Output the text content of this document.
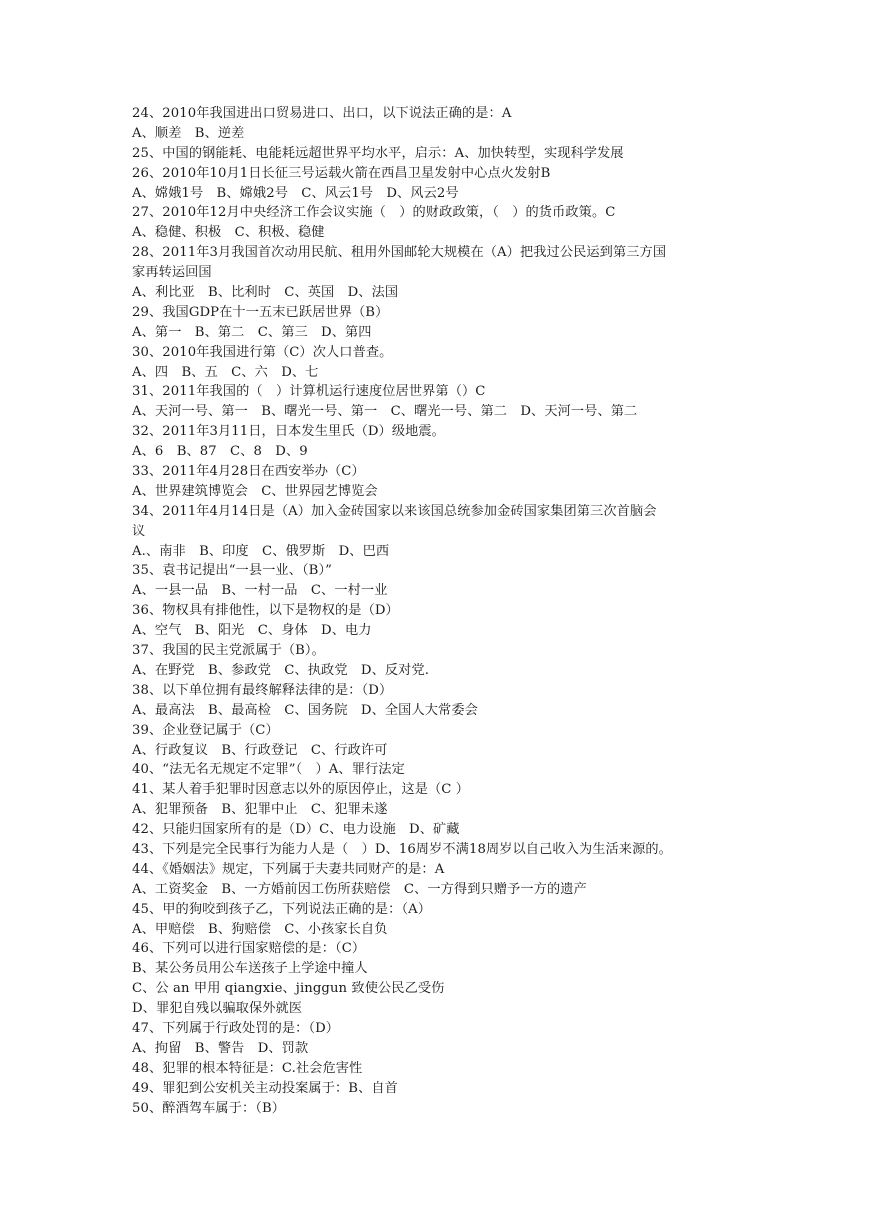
24、2010年我国进出口贸易进口、出口，以下说法正确的是：A
A、顺差　B、逆差
25、中国的钢能耗、电能耗远超世界平均水平，启示：A、加快转型，实现科学发展
26、2010年10月1日长征三号运载火箭在西昌卫星发射中心点火发射B
A、嫦娥1号　B、嫦娥2号　C、风云1号　D、风云2号
27、2010年12月中央经济工作会议实施（　）的财政政策，（　）的货币政策。C
A、稳健、积极　C、积极、稳健
28、2011年3月我国首次动用民航、租用外国邮轮大规模在（A）把我过公民运到第三方国
家再转运回国
A、利比亚　B、比利时　C、英国　D、法国
29、我国GDP在十一五末已跃居世界（B）
A、第一　B、第二　C、第三　D、第四
30、2010年我国进行第（C）次人口普查。
A、四　B、五　C、六　D、七
31、2011年我国的（　）计算机运行速度位居世界第（）C
A、天河一号、第一　B、曙光一号、第一　C、曙光一号、第二　D、天河一号、第二
32、2011年3月11日，日本发生里氏（D）级地震。
A、6　B、87　C、8　D、9
33、2011年4月28日在西安举办（C）
A、世界建筑博览会　C、世界园艺博览会
34、2011年4月14日是（A）加入金砖国家以来该国总统参加金砖国家集团第三次首脑会
议
A.、南非　B、印度　C、俄罗斯　D、巴西
35、袁书记提出“一县一业、（B）”
A、一县一品　B、一村一品　C、一村一业
36、物权具有排他性，以下是物权的是（D）
A、空气　B、阳光　C、身体　D、电力
37、我国的民主党派属于（B）。
A、在野党　B、参政党　C、执政党　D、反对党.
38、以下单位拥有最终解释法律的是：（D）
A、最高法　B、最高检　C、国务院　D、全国人大常委会
39、企业登记属于（C）
A、行政复议　B、行政登记　C、行政许可
40、“法无名无规定不定罪”（　）A、罪行法定
41、某人着手犯罪时因意志以外的原因停止，这是（C ）
A、犯罪预备　B、犯罪中止　C、犯罪未遂
42、只能归国家所有的是（D）C、电力设施　D、矿藏
43、下列是完全民事行为能力人是（　）D、16周岁不满18周岁以自己收入为生活来源的。
44、《婚姻法》规定，下列属于夫妻共同财产的是：A
A、工资奖金　B、一方婚前因工伤所获赔偿　C、一方得到只赠予一方的遗产
45、甲的狗咬到孩子乙，下列说法正确的是：（A）
A、甲赔偿　B、狗赔偿　C、小孩家长自负
46、下列可以进行国家赔偿的是：（C）
B、某公务员用公车送孩子上学途中撞人
C、公 an 甲用 qiangxie、jinggun 致使公民乙受伤
D、罪犯自残以骗取保外就医
47、下列属于行政处罚的是：（D）
A、拘留　B、警告　D、罚款
48、犯罪的根本特征是：C.社会危害性
49、罪犯到公安机关主动投案属于：B、自首
50、醉酒驾车属于：（B）
